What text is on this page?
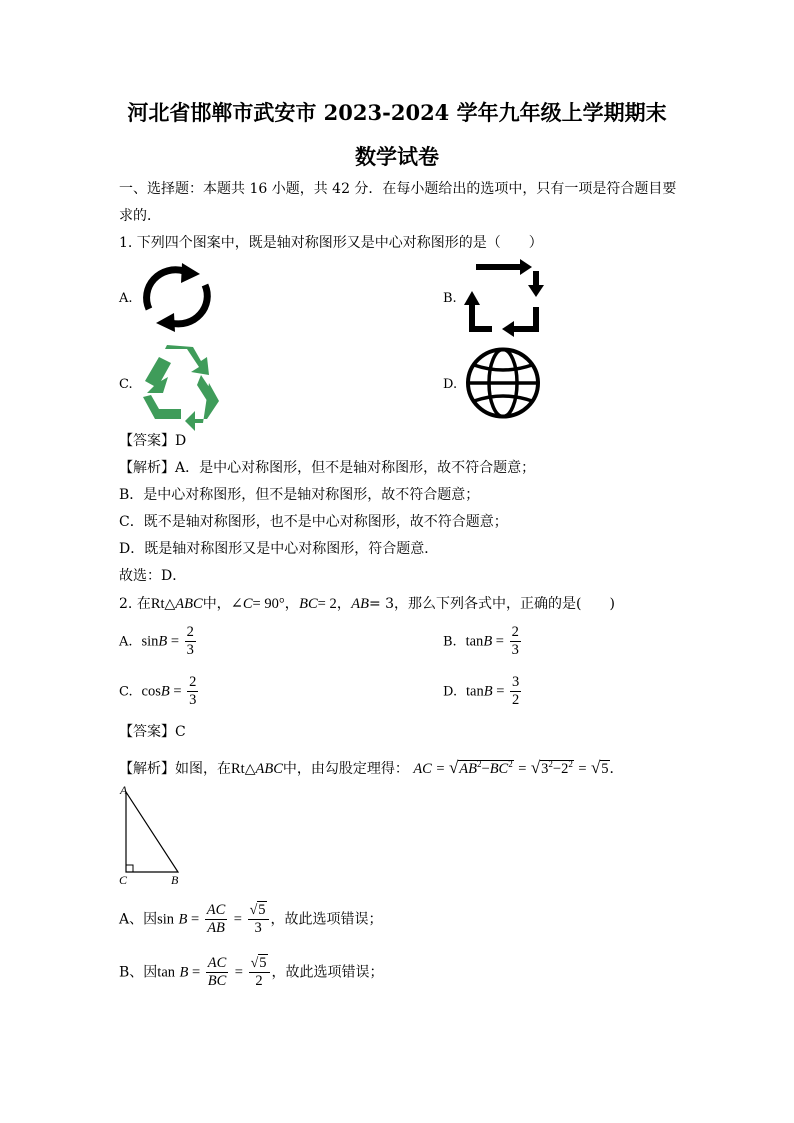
河北省邯郸市武安市 2023-2024 学年九年级上学期期末
数学试卷
一、选择题：本题共 16 小题，共 42 分．在每小题给出的选项中，只有一项是符合题目要
求的．
1. 下列四个图案中，既是轴对称图形又是中心对称图形的是（　　）
A.	B.
C.	D.
【答案】D
【解析】A．是中心对称图形，但不是轴对称图形，故不符合题意；
B．是中心对称图形，但不是轴对称图形，故不符合题意；
C．既不是轴对称图形，也不是中心对称图形，故不符合题意；
D．既是轴对称图形又是中心对称图形，符合题意．
故选：D．
2. 在Rt△ABC中，∠C= 90°，BC= 2，AB= 3，那么下列各式中，正确的是(　　)
A. $\sin B = \frac{2}{3}$	B. $\tan B = \frac{2}{3}$
C. $\cos B = \frac{2}{3}$	D. $\tan B = \frac{3}{2}$
【答案】C
【解析】如图，在Rt△ABC中，由勾股定理得： AC = $√AB^2-BC^2 = √3^2-2^2 = √5$．
A
C	B
A、因$\sin B = \frac{AC}{AB} = \frac{√5}{3}$ ，故此选项错误；
B、因$\tan B = \frac{AC}{BC} = \frac{√5}{2}$ ，故此选项错误；
